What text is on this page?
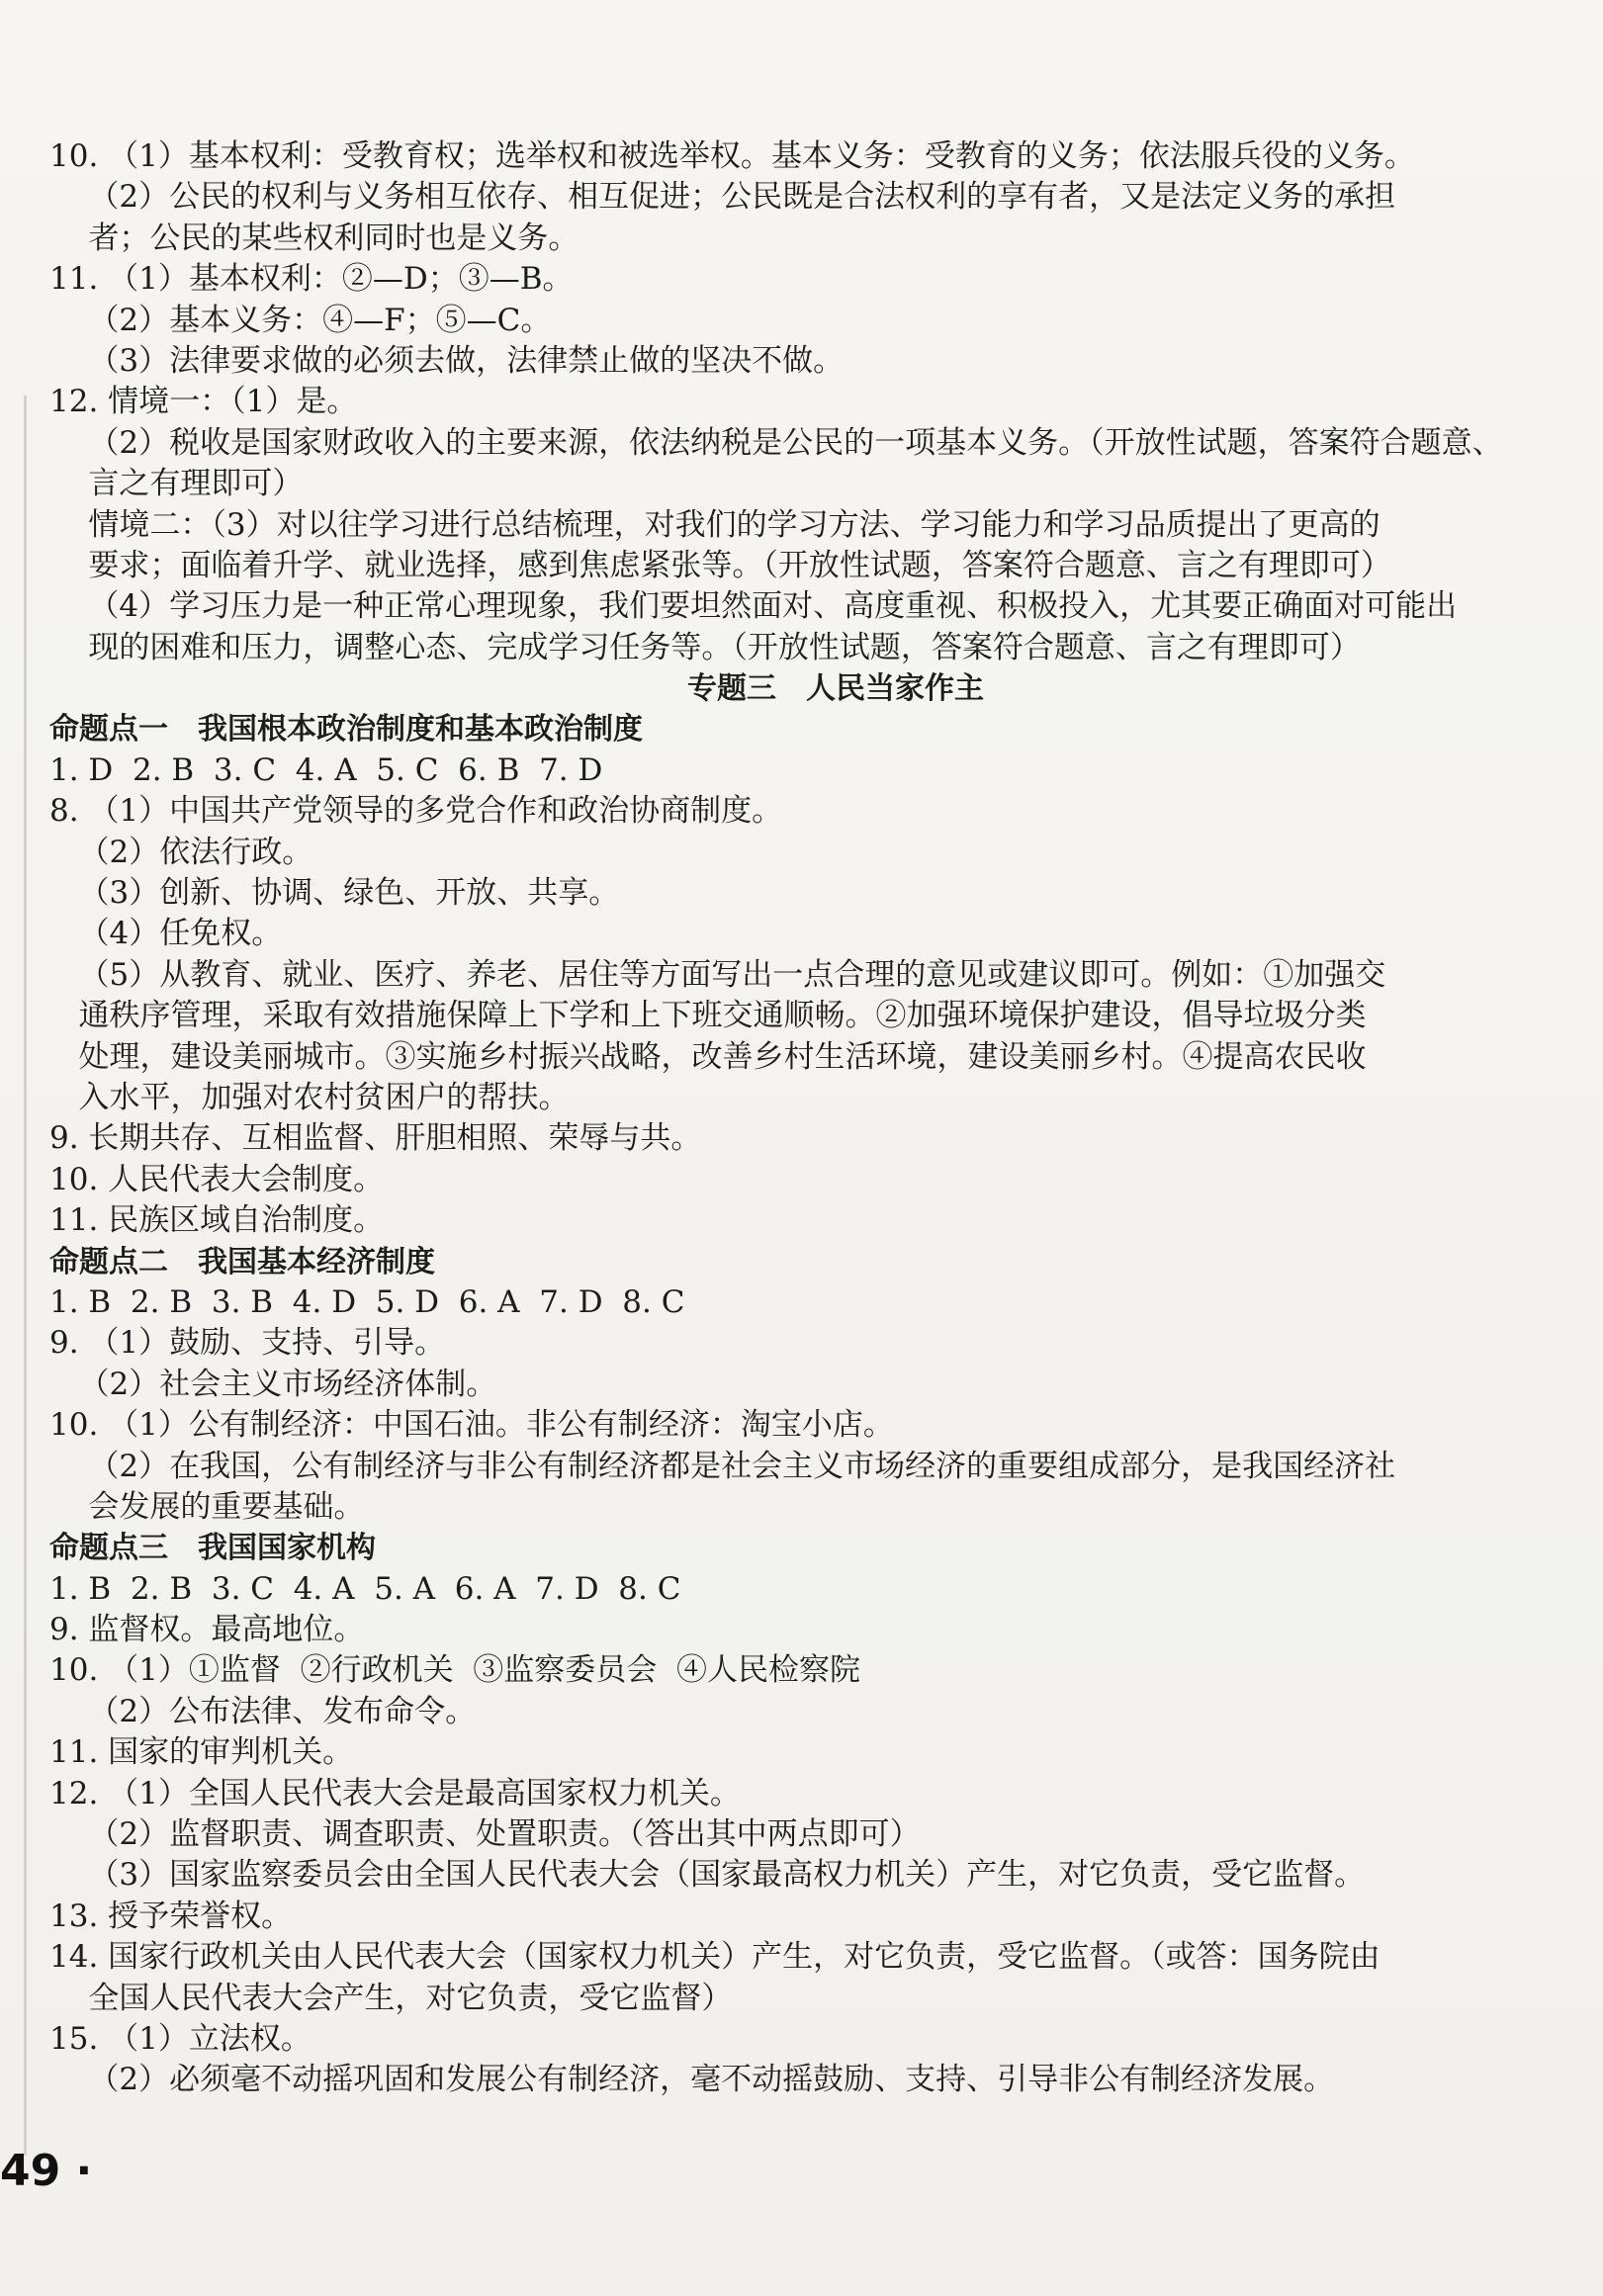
10. （1）基本权利：受教育权；选举权和被选举权。基本义务：受教育的义务；依法服兵役的义务。
（2）公民的权利与义务相互依存、相互促进；公民既是合法权利的享有者，又是法定义务的承担
者；公民的某些权利同时也是义务。
11. （1）基本权利：②—D；③—B。
（2）基本义务：④—F；⑤—C。
（3）法律要求做的必须去做，法律禁止做的坚决不做。
12. 情境一：（1）是。
（2）税收是国家财政收入的主要来源，依法纳税是公民的一项基本义务。（开放性试题，答案符合题意、
言之有理即可）
情境二：（3）对以往学习进行总结梳理，对我们的学习方法、学习能力和学习品质提出了更高的
要求；面临着升学、就业选择，感到焦虑紧张等。（开放性试题，答案符合题意、言之有理即可）
（4）学习压力是一种正常心理现象，我们要坦然面对、高度重视、积极投入，尤其要正确面对可能出
现的困难和压力，调整心态、完成学习任务等。（开放性试题，答案符合题意、言之有理即可）
专题三　人民当家作主
命题点一　我国根本政治制度和基本政治制度
1. D  2. B  3. C  4. A  5. C  6. B  7. D
8. （1）中国共产党领导的多党合作和政治协商制度。
（2）依法行政。
（3）创新、协调、绿色、开放、共享。
（4）任免权。
（5）从教育、就业、医疗、养老、居住等方面写出一点合理的意见或建议即可。例如：①加强交
通秩序管理，采取有效措施保障上下学和上下班交通顺畅。②加强环境保护建设，倡导垃圾分类
处理，建设美丽城市。③实施乡村振兴战略，改善乡村生活环境，建设美丽乡村。④提高农民收
入水平，加强对农村贫困户的帮扶。
9. 长期共存、互相监督、肝胆相照、荣辱与共。
10. 人民代表大会制度。
11. 民族区域自治制度。
命题点二　我国基本经济制度
1. B  2. B  3. B  4. D  5. D  6. A  7. D  8. C
9. （1）鼓励、支持、引导。
（2）社会主义市场经济体制。
10. （1）公有制经济：中国石油。非公有制经济：淘宝小店。
（2）在我国，公有制经济与非公有制经济都是社会主义市场经济的重要组成部分，是我国经济社
会发展的重要基础。
命题点三　我国国家机构
1. B  2. B  3. C  4. A  5. A  6. A  7. D  8. C
9. 监督权。最高地位。
10. （1）①监督  ②行政机关  ③监察委员会  ④人民检察院
（2）公布法律、发布命令。
11. 国家的审判机关。
12. （1）全国人民代表大会是最高国家权力机关。
（2）监督职责、调查职责、处置职责。（答出其中两点即可）
（3）国家监察委员会由全国人民代表大会（国家最高权力机关）产生，对它负责，受它监督。
13. 授予荣誉权。
14. 国家行政机关由人民代表大会（国家权力机关）产生，对它负责，受它监督。（或答：国务院由
全国人民代表大会产生，对它负责，受它监督）
15. （1）立法权。
（2）必须毫不动摇巩固和发展公有制经济，毫不动摇鼓励、支持、引导非公有制经济发展。
49 ·
